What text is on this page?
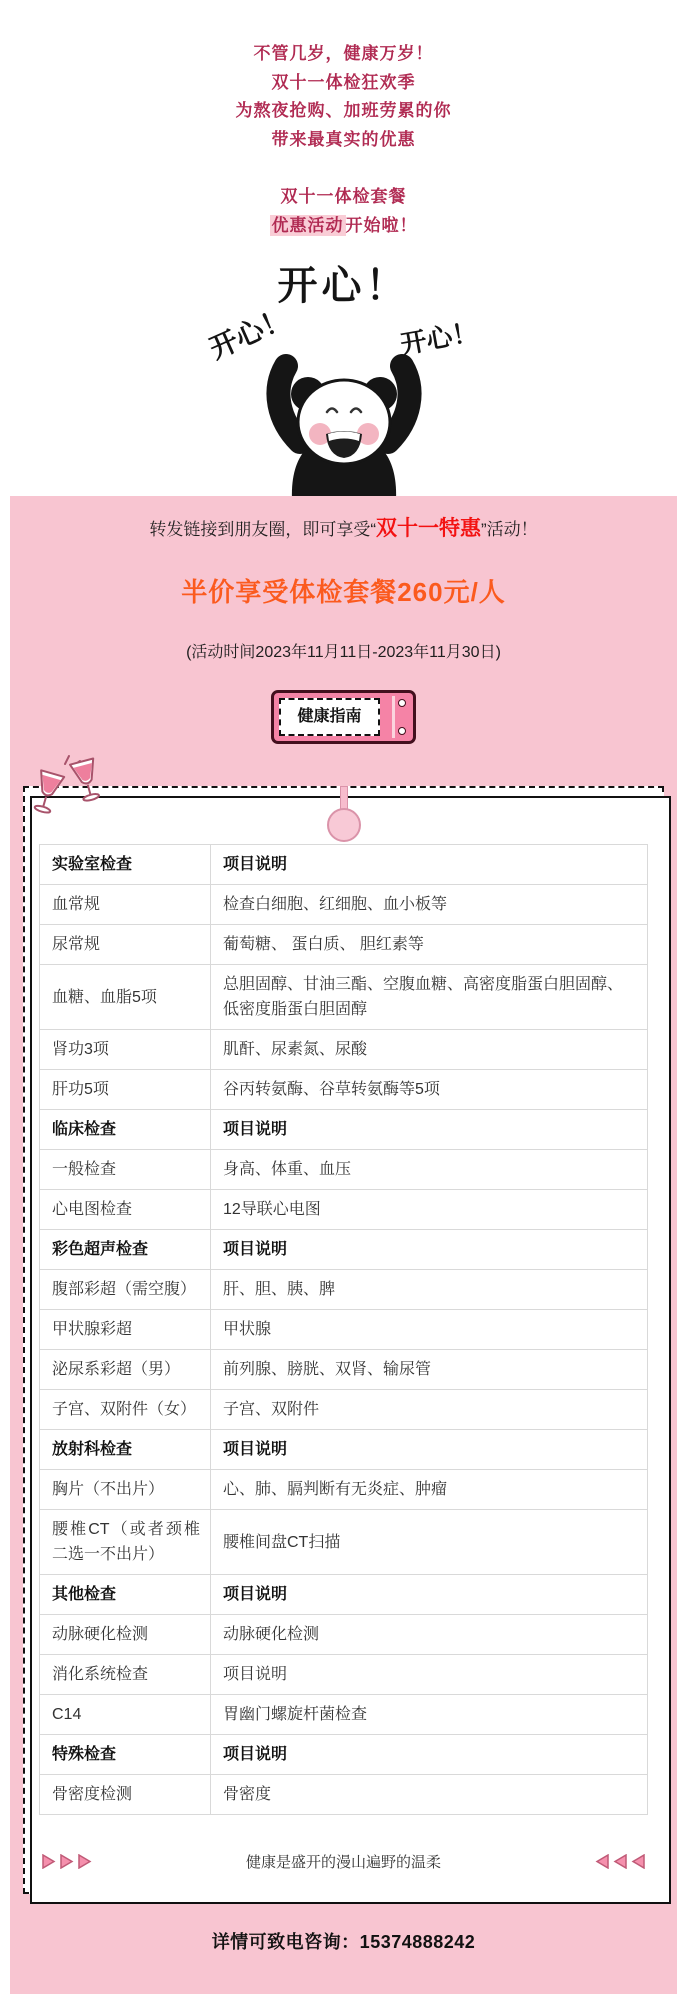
不管几岁，健康万岁！

双十一体检狂欢季

为熬夜抢购、加班劳累的你

带来最真实的优惠

双十一体检套餐

优惠活动 开始啦！

开心！
开心！	开心！

转发链接到朋友圈，即可享受“双十一特惠”活动！

半价享受体检套餐260元/人

(活动时间2023年11月11日-2023年11月30日)

健康指南
实验室检查	项目说明
血常规	检查白细胞、红细胞、血小板等
尿常规	葡萄糖、 蛋白质、 胆红素等
血糖、血脂5项	总胆固醇、甘油三酯、空腹血糖、高密度脂蛋白胆固醇、低密度脂蛋白胆固醇
肾功3项	肌酐、尿素氮、尿酸
肝功5项	谷丙转氨酶、谷草转氨酶等5项
临床检查	项目说明
一般检查	身高、体重、血压
心电图检查	12导联心电图
彩色超声检查	项目说明
腹部彩超（需空腹）	肝、胆、胰、脾
甲状腺彩超	甲状腺
泌尿系彩超（男）	前列腺、膀胱、双肾、输尿管
子宫、双附件（女）	子宫、双附件
放射科检查	项目说明
胸片（不出片）	心、肺、膈判断有无炎症、肿瘤
腰椎CT（或者颈椎二选一不出片）	腰椎间盘CT扫描
其他检查	项目说明
动脉硬化检测	动脉硬化检测
消化系统检查	项目说明
C14	胃幽门螺旋杆菌检查
特殊检查	项目说明
骨密度检测	骨密度
健康是盛开的漫山遍野的温柔

详情可致电咨询：15374888242
